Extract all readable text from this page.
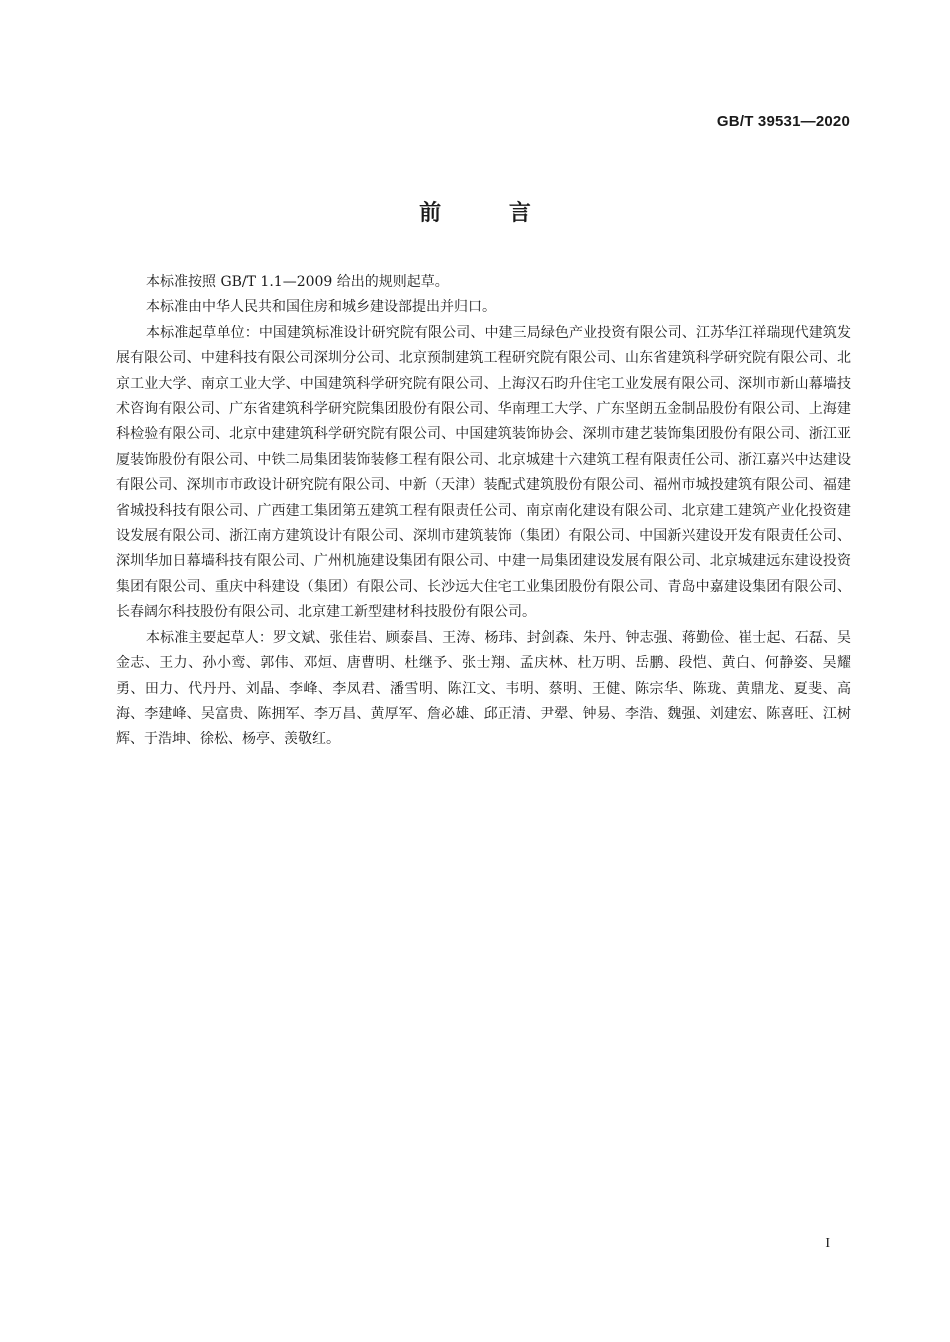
GB/T 39531—2020
前 言

本标准按照 GB/T 1.1—2009 给出的规则起草。

本标准由中华人民共和国住房和城乡建设部提出并归口。

本标准起草单位：中国建筑标准设计研究院有限公司、中建三局绿色产业投资有限公司、江苏华江祥瑞现代建筑发展有限公司、中建科技有限公司深圳分公司、北京预制建筑工程研究院有限公司、山东省建筑科学研究院有限公司、北京工业大学、南京工业大学、中国建筑科学研究院有限公司、上海汉石昀升住宅工业发展有限公司、深圳市新山幕墙技术咨询有限公司、广东省建筑科学研究院集团股份有限公司、华南理工大学、广东坚朗五金制品股份有限公司、上海建科检验有限公司、北京中建建筑科学研究院有限公司、中国建筑装饰协会、深圳市建艺装饰集团股份有限公司、浙江亚厦装饰股份有限公司、中铁二局集团装饰装修工程有限公司、北京城建十六建筑工程有限责任公司、浙江嘉兴中达建设有限公司、深圳市市政设计研究院有限公司、中新（天津）装配式建筑股份有限公司、福州市城投建筑有限公司、福建省城投科技有限公司、广西建工集团第五建筑工程有限责任公司、南京南化建设有限公司、北京建工建筑产业化投资建设发展有限公司、浙江南方建筑设计有限公司、深圳市建筑装饰（集团）有限公司、中国新兴建设开发有限责任公司、深圳华加日幕墙科技有限公司、广州机施建设集团有限公司、中建一局集团建设发展有限公司、北京城建远东建设投资集团有限公司、重庆中科建设（集团）有限公司、长沙远大住宅工业集团股份有限公司、青岛中嘉建设集团有限公司、长春阔尔科技股份有限公司、北京建工新型建材科技股份有限公司。

本标准主要起草人：罗文斌、张佳岩、顾泰昌、王涛、杨玮、封剑森、朱丹、钟志强、蒋勤俭、崔士起、石磊、吴金志、王力、孙小鸾、郭伟、邓烜、唐曹明、杜继予、张士翔、孟庆林、杜万明、岳鹏、段恺、黄白、何静姿、吴耀勇、田力、代丹丹、刘晶、李峰、李凤君、潘雪明、陈江文、韦明、蔡明、王健、陈宗华、陈珑、黄鼎龙、夏斐、高海、李建峰、吴富贵、陈拥军、李万昌、黄厚军、詹必雄、邱正清、尹翚、钟易、李浩、魏强、刘建宏、陈喜旺、江树辉、于浩坤、徐松、杨亭、羡敬红。

I
